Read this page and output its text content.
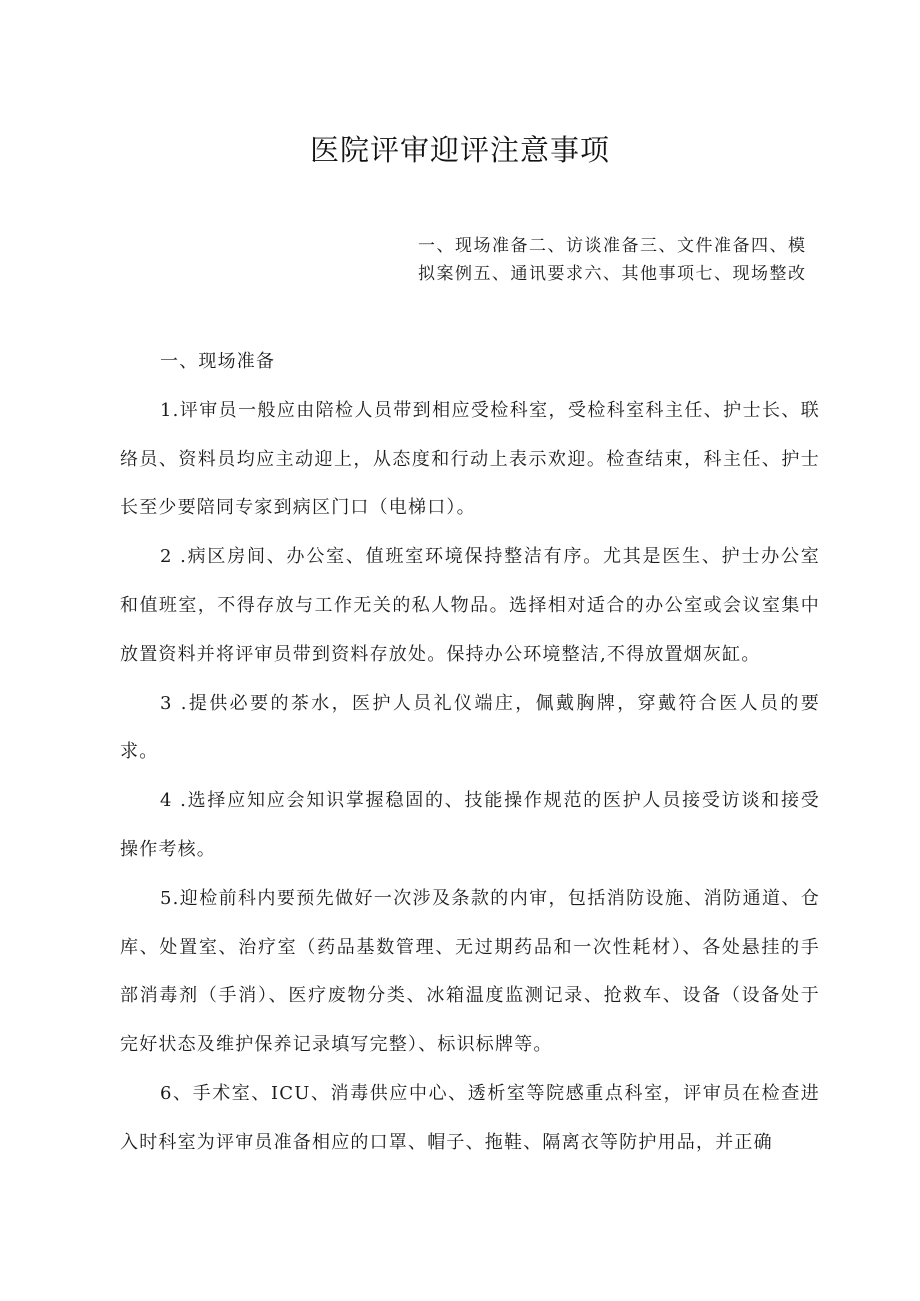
医院评审迎评注意事项
一、现场准备二、访谈准备三、文件准备四、模拟案例五、通讯要求六、其他事项七、现场整改

一、现场准备

1.评审员一般应由陪检人员带到相应受检科室，受检科室科主任、护士长、联络员、资料员均应主动迎上，从态度和行动上表示欢迎。检查结束，科主任、护士长至少要陪同专家到病区门口（电梯口）。

2 .病区房间、办公室、值班室环境保持整洁有序。尤其是医生、护士办公室和值班室，不得存放与工作无关的私人物品。选择相对适合的办公室或会议室集中放置资料并将评审员带到资料存放处。保持办公环境整洁,不得放置烟灰缸。

3 .提供必要的茶水，医护人员礼仪端庄，佩戴胸牌，穿戴符合医人员的要求。

4 .选择应知应会知识掌握稳固的、技能操作规范的医护人员接受访谈和接受操作考核。

5.迎检前科内要预先做好一次涉及条款的内审，包括消防设施、消防通道、仓库、处置室、治疗室（药品基数管理、无过期药品和一次性耗材）、各处悬挂的手部消毒剂（手消）、医疗废物分类、冰箱温度监测记录、抢救车、设备（设备处于完好状态及维护保养记录填写完整）、标识标牌等。

6、手术室、ICU、消毒供应中心、透析室等院感重点科室，评审员在检查进入时科室为评审员准备相应的口罩、帽子、拖鞋、隔离衣等防护用品，并正确
